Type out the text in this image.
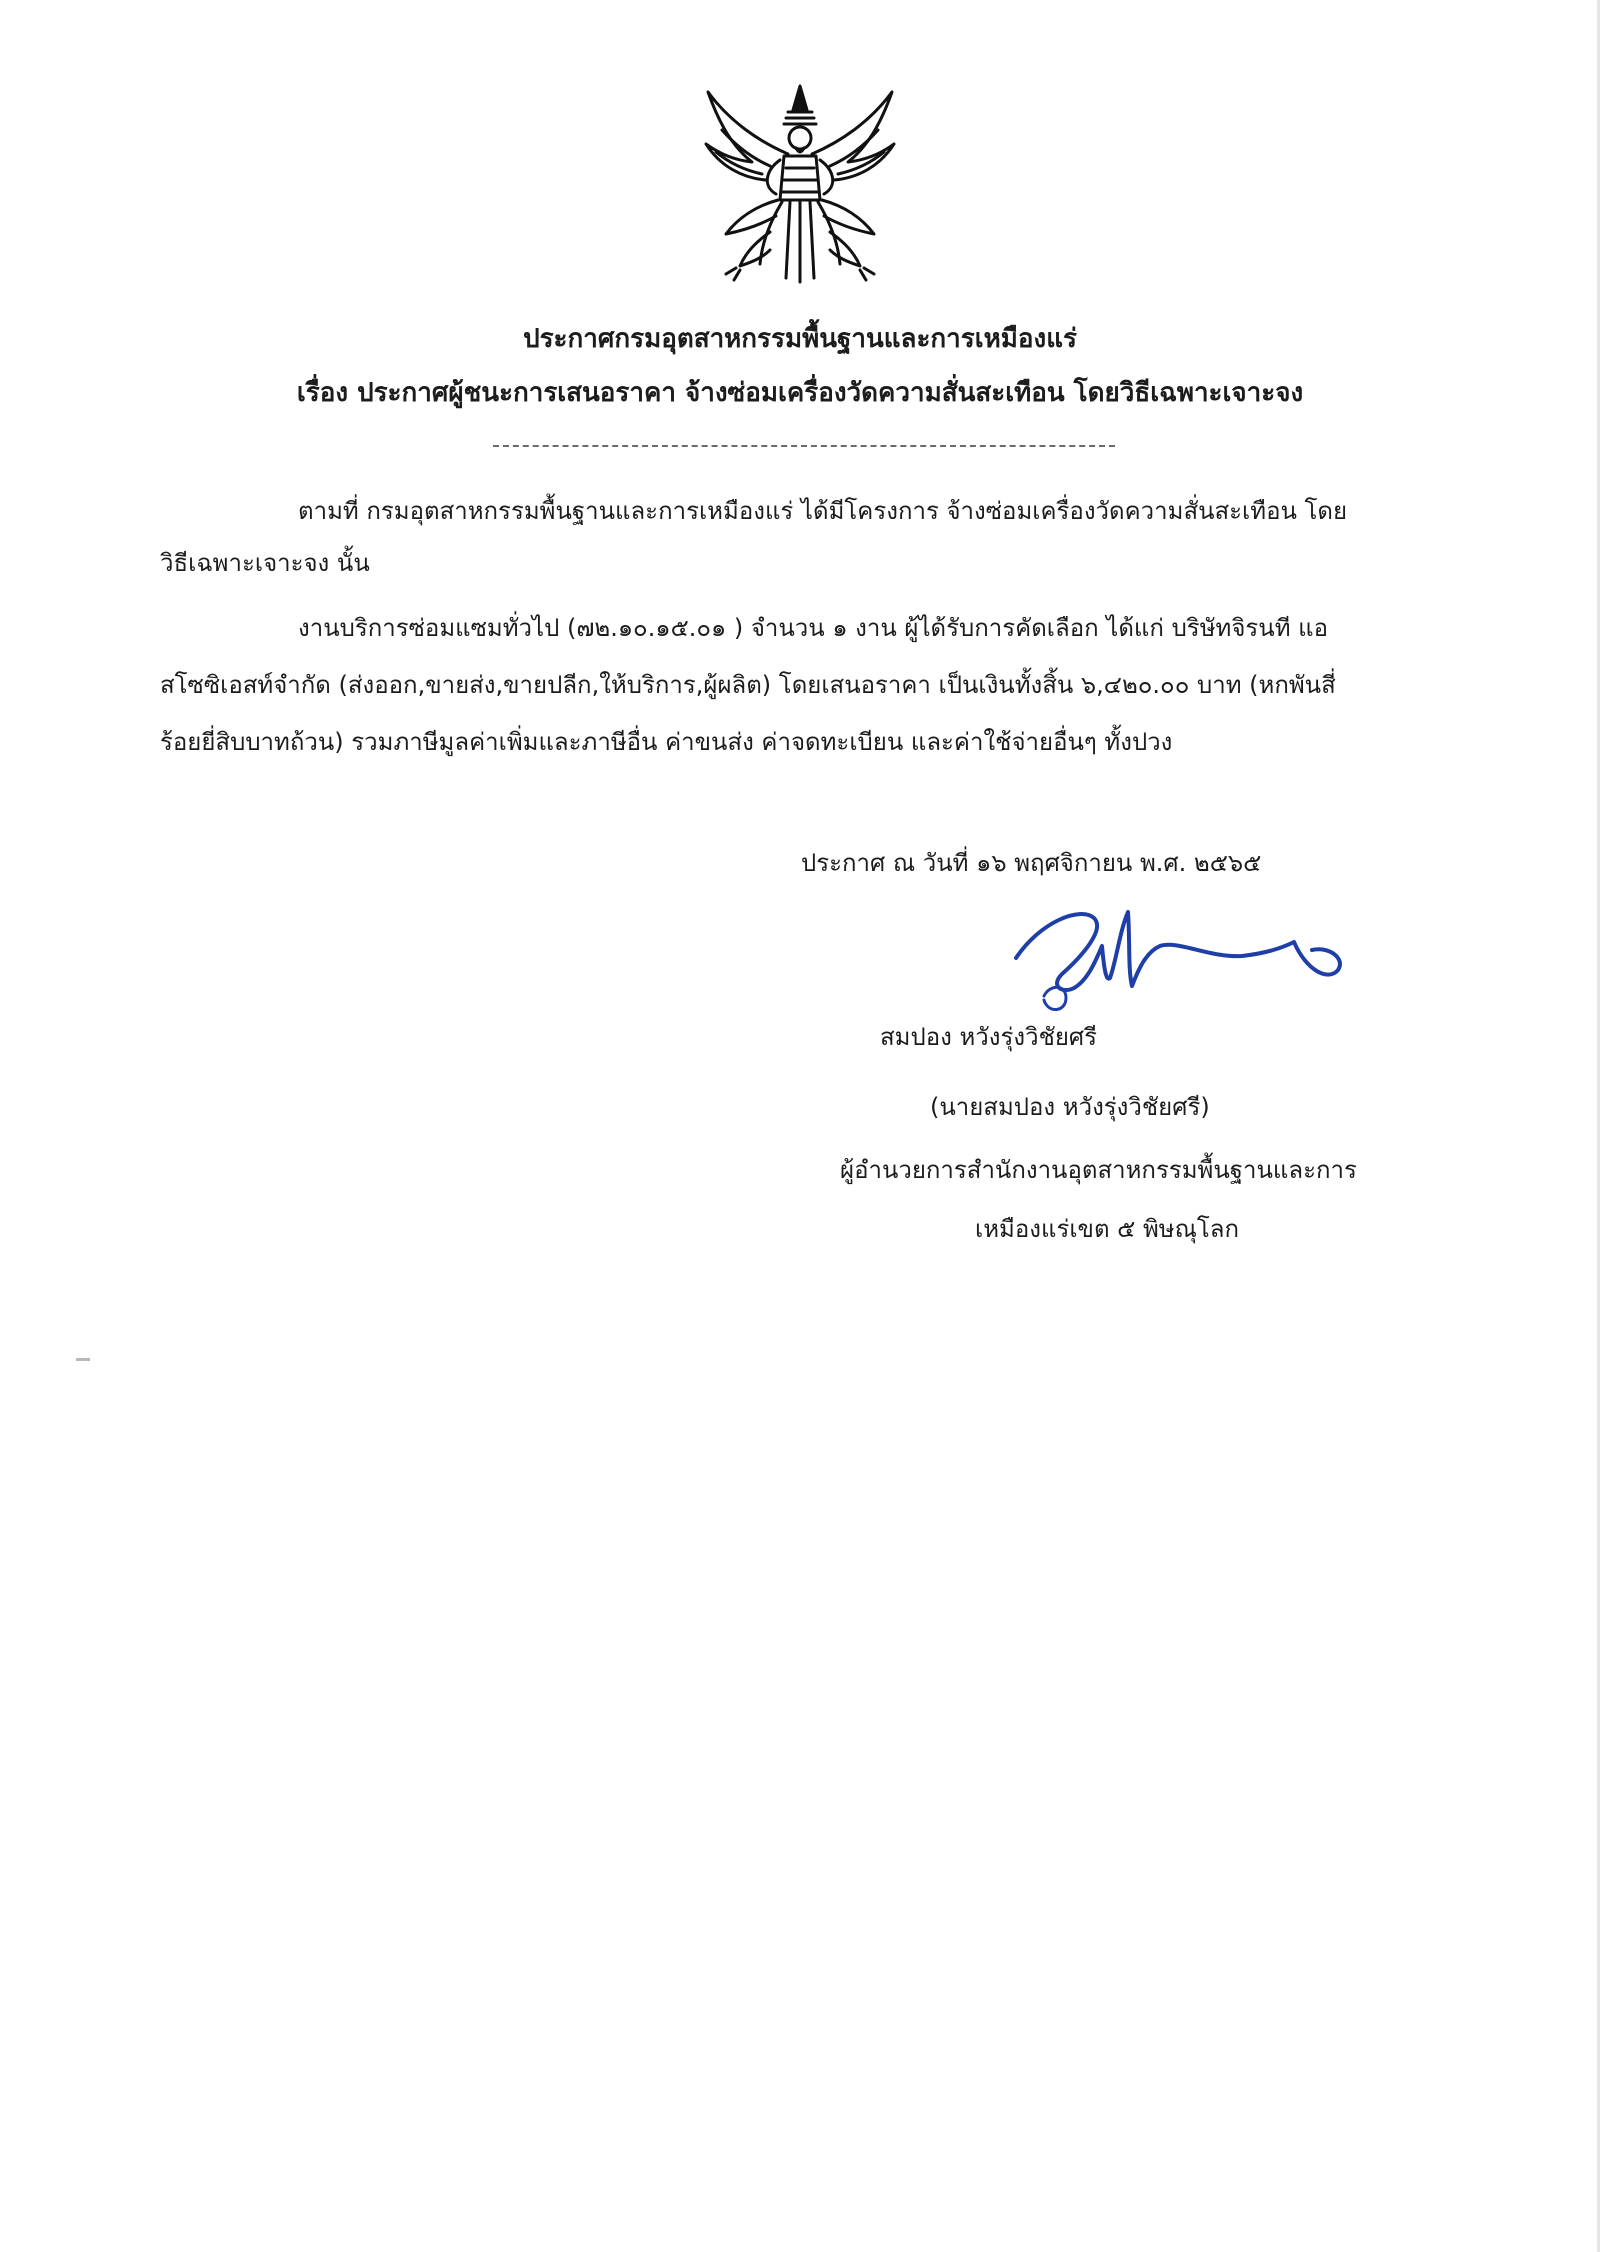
ประกาศกรมอุตสาหกรรมพื้นฐานและการเหมืองแร่
เรื่อง ประกาศผู้ชนะการเสนอราคา จ้างซ่อมเครื่องวัดความสั่นสะเทือน โดยวิธีเฉพาะเจาะจง
ตามที่ กรมอุตสาหกรรมพื้นฐานและการเหมืองแร่ ได้มีโครงการ จ้างซ่อมเครื่องวัดความสั่นสะเทือน โดย
วิธีเฉพาะเจาะจง นั้น
งานบริการซ่อมแซมทั่วไป (๗๒.๑๐.๑๕.๐๑ ) จำนวน ๑ งาน ผู้ได้รับการคัดเลือก ได้แก่ บริษัทจิรนที แอ
สโซซิเอสท์จำกัด (ส่งออก,ขายส่ง,ขายปลีก,ให้บริการ,ผู้ผลิต) โดยเสนอราคา เป็นเงินทั้งสิ้น ๖,๔๒๐.๐๐ บาท (หกพันสี่
ร้อยยี่สิบบาทถ้วน) รวมภาษีมูลค่าเพิ่มและภาษีอื่น ค่าขนส่ง ค่าจดทะเบียน และค่าใช้จ่ายอื่นๆ ทั้งปวง
ประกาศ ณ วันที่ ๑๖ พฤศจิกายน พ.ศ. ๒๕๖๕
สมปอง หวังรุ่งวิชัยศรี
(นายสมปอง หวังรุ่งวิชัยศรี)
ผู้อำนวยการสำนักงานอุตสาหกรรมพื้นฐานและการ
เหมืองแร่เขต ๕ พิษณุโลก
